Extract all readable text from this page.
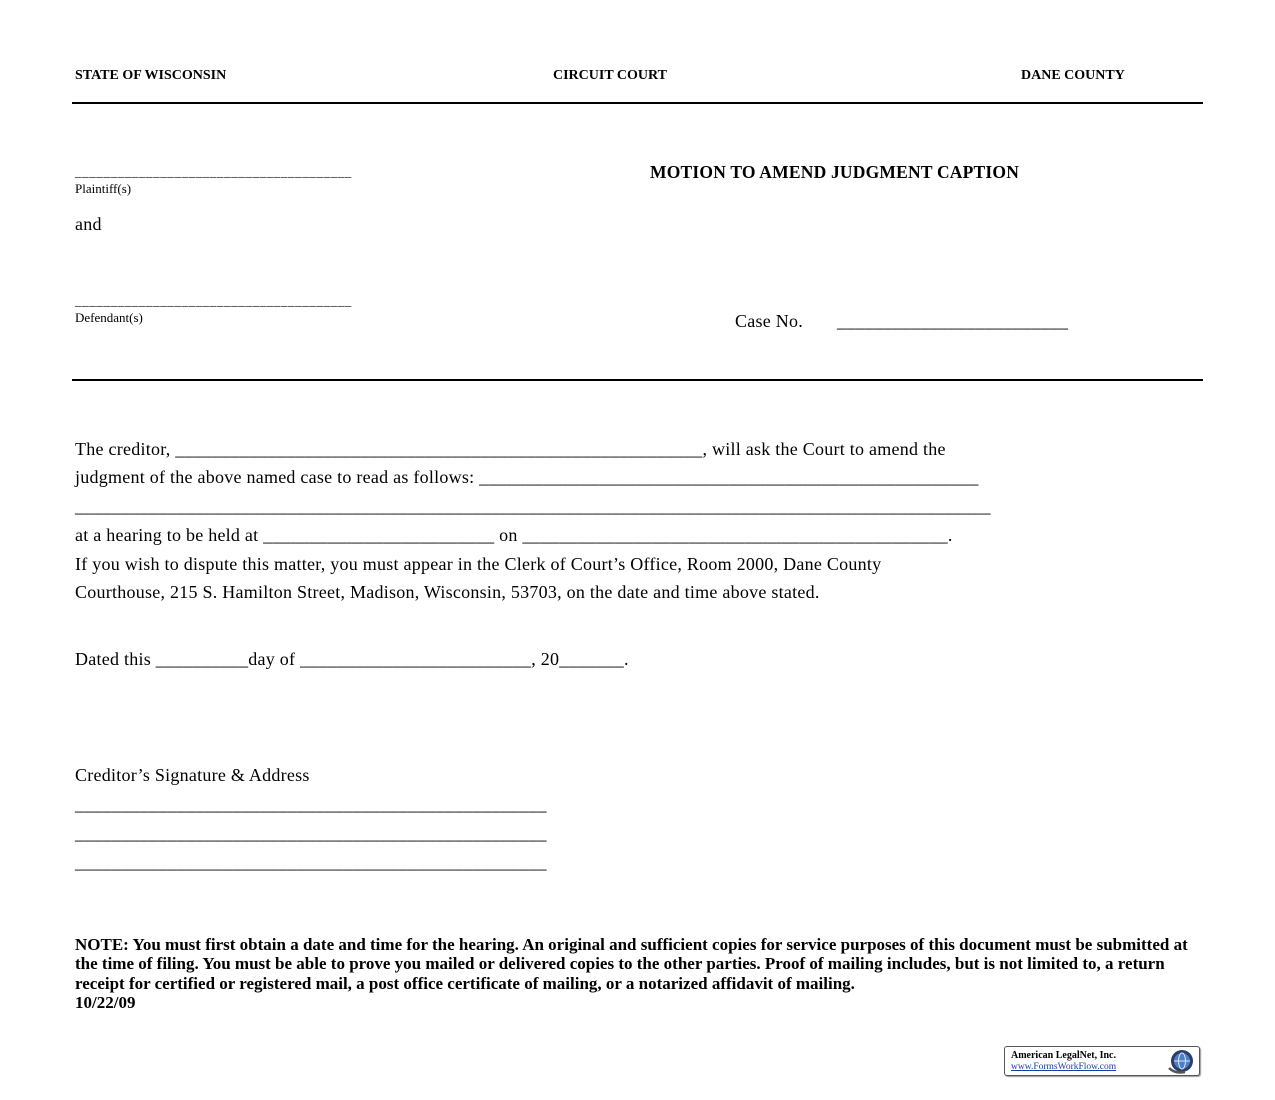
STATE OF WISCONSIN	CIRCUIT COURT	DANE COUNTY
_______________________________________
Plaintiff(s)
and
_______________________________________
Defendant(s)
MOTION TO AMEND JUDGMENT CAPTION
Case No. _________________________
The creditor, _________________________________________________________, will ask the Court to amend the
judgment of the above named case to read as follows: ______________________________________________________
___________________________________________________________________________________________________
at a hearing to be held at _________________________ on ______________________________________________.
If you wish to dispute this matter, you must appear in the Clerk of Court’s Office, Room 2000, Dane County
Courthouse, 215 S. Hamilton Street, Madison, Wisconsin, 53703, on the date and time above stated.
Dated this __________day of _________________________, 20_______.
Creditor’s Signature & Address
___________________________________________________
___________________________________________________
___________________________________________________
NOTE: You must first obtain a date and time for the hearing. An original and sufficient copies for service purposes of this document must be submitted at the time of filing. You must be able to prove you mailed or delivered copies to the other parties. Proof of mailing includes, but is not limited to, a return receipt for certified or registered mail, a post office certificate of mailing, or a notarized affidavit of mailing.
10/22/09
American LegalNet, Inc.
www.FormsWorkFlow.com
